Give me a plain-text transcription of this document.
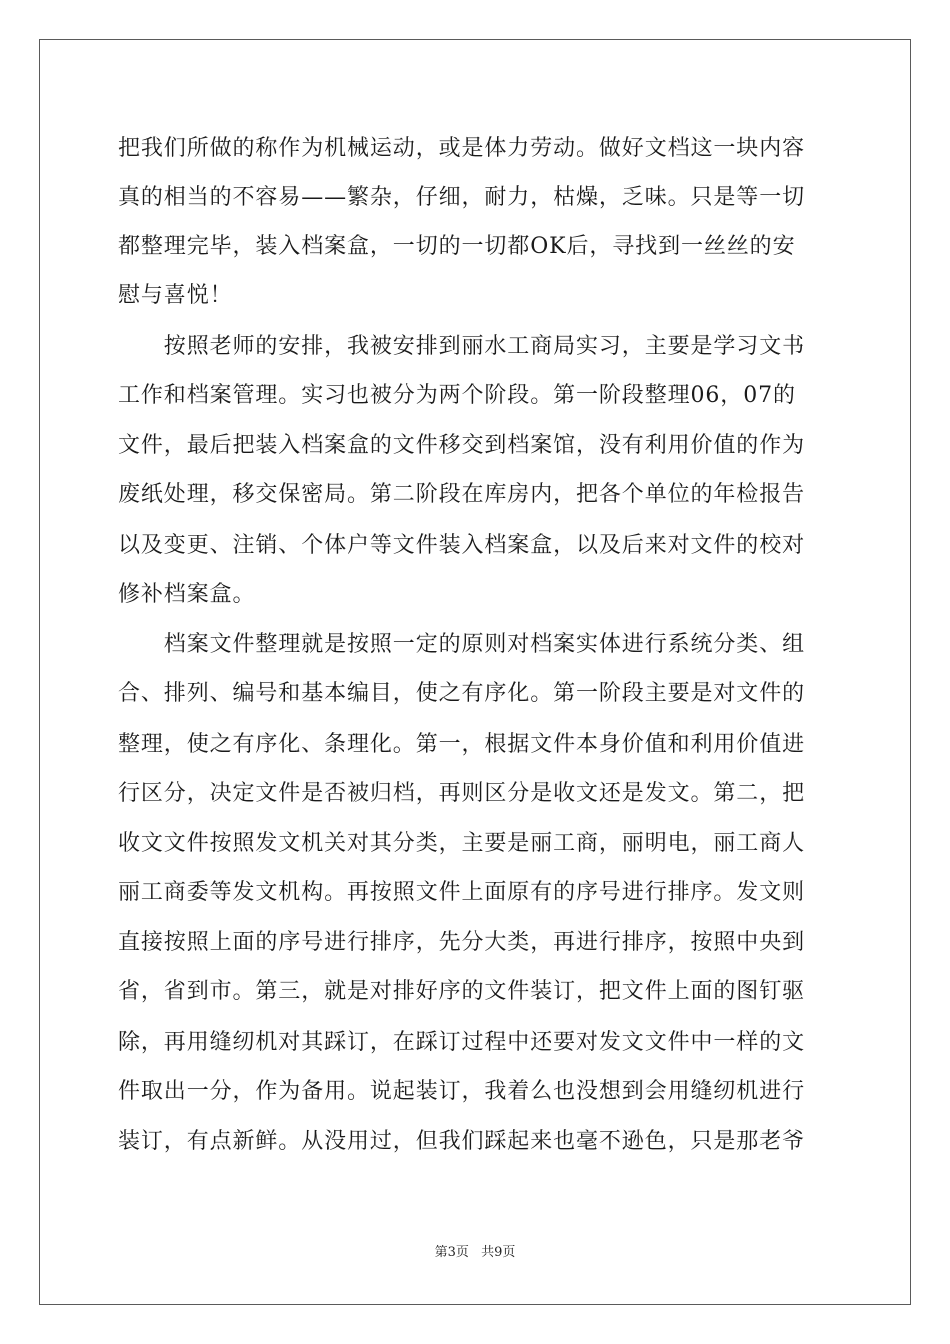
把我们所做的称作为机械运动，或是体力劳动。做好文档这一块内容
真的相当的不容易——繁杂，仔细，耐力，枯燥，乏味。只是等一切
都整理完毕，装入档案盒，一切的一切都OK后，寻找到一丝丝的安
慰与喜悦！
　　按照老师的安排，我被安排到丽水工商局实习，主要是学习文书
工作和档案管理。实习也被分为两个阶段。第一阶段整理06，07的
文件，最后把装入档案盒的文件移交到档案馆，没有利用价值的作为
废纸处理，移交保密局。第二阶段在库房内，把各个单位的年检报告
以及变更、注销、个体户等文件装入档案盒，以及后来对文件的校对
修补档案盒。
　　档案文件整理就是按照一定的原则对档案实体进行系统分类、组
合、排列、编号和基本编目，使之有序化。第一阶段主要是对文件的
整理，使之有序化、条理化。第一，根据文件本身价值和利用价值进
行区分，决定文件是否被归档，再则区分是收文还是发文。第二，把
收文文件按照发文机关对其分类，主要是丽工商，丽明电，丽工商人
丽工商委等发文机构。再按照文件上面原有的序号进行排序。发文则
直接按照上面的序号进行排序，先分大类，再进行排序，按照中央到
省，省到市。第三，就是对排好序的文件装订，把文件上面的图钉驱
除，再用缝纫机对其踩订，在踩订过程中还要对发文文件中一样的文
件取出一分，作为备用。说起装订，我着么也没想到会用缝纫机进行
装订，有点新鲜。从没用过，但我们踩起来也毫不逊色，只是那老爷
第3页 共9页
